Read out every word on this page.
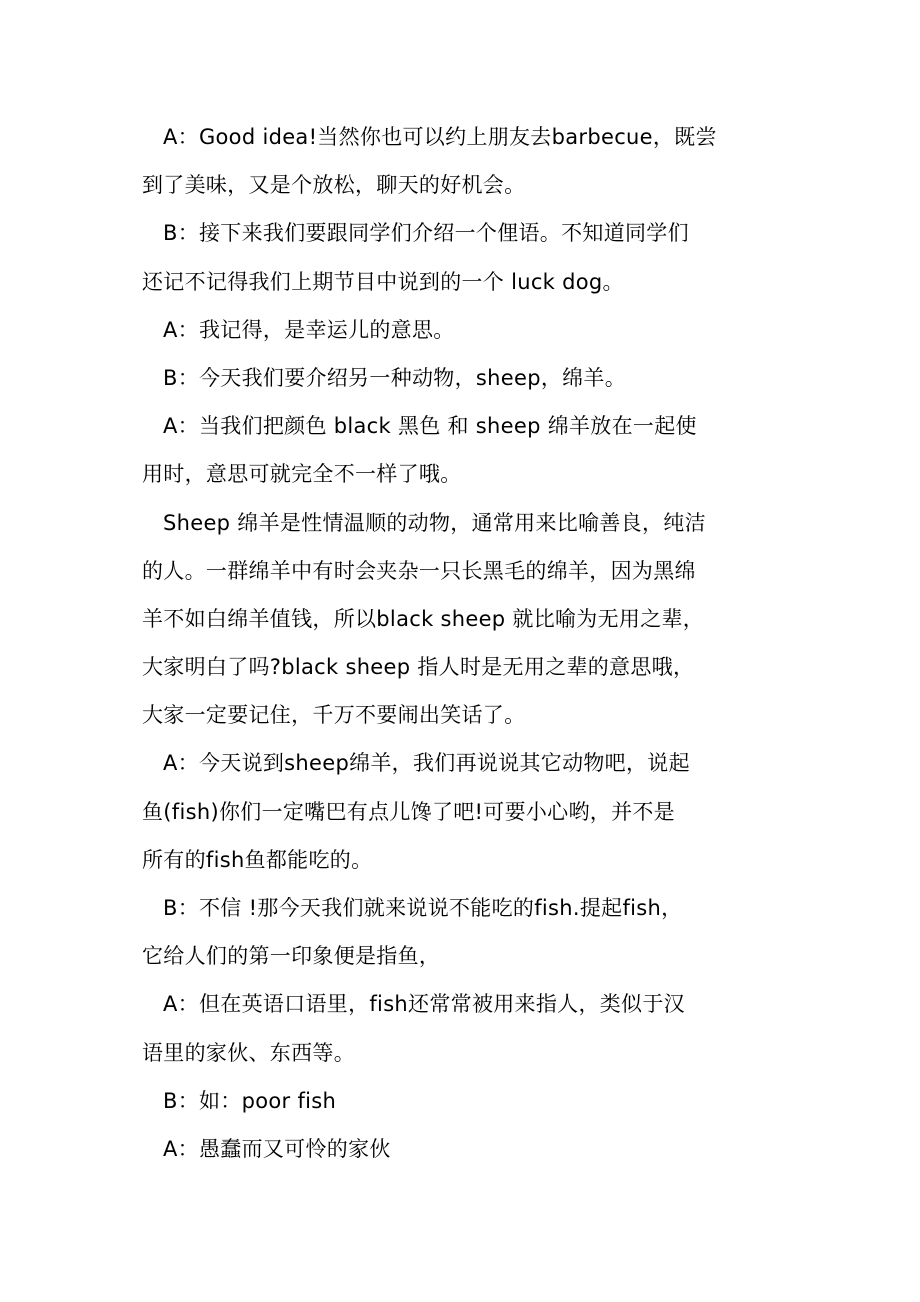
A：Good idea!当然你也可以约上朋友去barbecue，既尝
到了美味，又是个放松，聊天的好机会。
B：接下来我们要跟同学们介绍一个俚语。不知道同学们
还记不记得我们上期节目中说到的一个 luck dog。
A：我记得，是幸运儿的意思。
B：今天我们要介绍另一种动物，sheep，绵羊。
A：当我们把颜色 black 黑色 和 sheep 绵羊放在一起使
用时，意思可就完全不一样了哦。
Sheep 绵羊是性情温顺的动物，通常用来比喻善良，纯洁
的人。一群绵羊中有时会夹杂一只长黑毛的绵羊，因为黑绵
羊不如白绵羊值钱，所以black sheep 就比喻为无用之辈，
大家明白了吗?black sheep 指人时是无用之辈的意思哦，
大家一定要记住，千万不要闹出笑话了。
A：今天说到sheep绵羊，我们再说说其它动物吧，说起
鱼(fish)你们一定嘴巴有点儿馋了吧!可要小心哟，并不是
所有的fish鱼都能吃的。
B：不信 !那今天我们就来说说不能吃的fish.提起fish，
它给人们的第一印象便是指鱼，
A：但在英语口语里，fish还常常被用来指人，类似于汉
语里的家伙、东西等。
B：如：poor fish
A：愚蠢而又可怜的家伙
